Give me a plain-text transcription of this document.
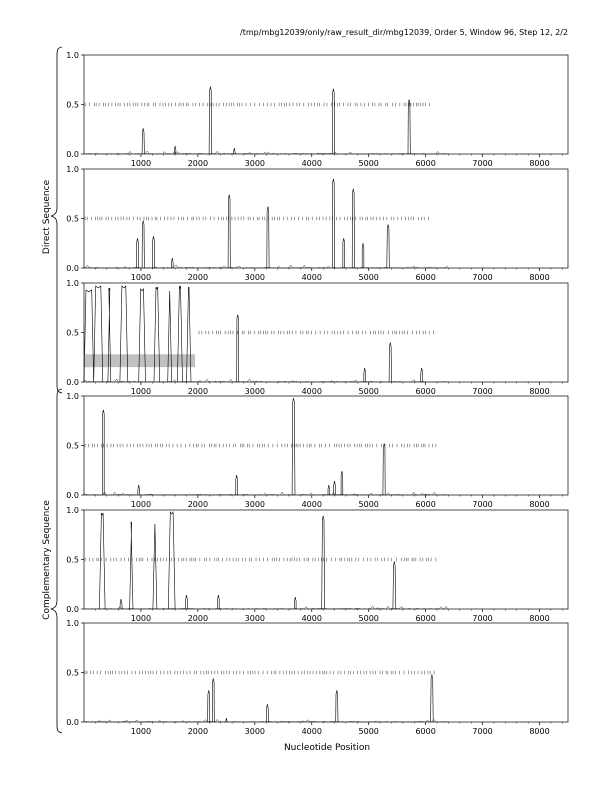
/tmp/mbg12039/only/raw_result_dir/mbg12039, Order 5, Window 96, Step 12, 2/2
0.0
0.5
1.0
1000	2000	3000	4000	5000	6000	7000	8000
0.0
0.5
1.0
1000	2000	3000	4000	5000	6000	7000	8000
0.0
0.5
1.0
1000	2000	3000	4000	5000	6000	7000	8000
0.0
0.5
1.0
1000	2000	3000	4000	5000	6000	7000	8000
0.0
0.5
1.0
1000	2000	3000	4000	5000	6000	7000	8000
0.0
0.5
1.0
1000	2000	3000	4000	5000	6000	7000	8000
Nucleotide Position
Direct Sequence
Complementary Sequence
